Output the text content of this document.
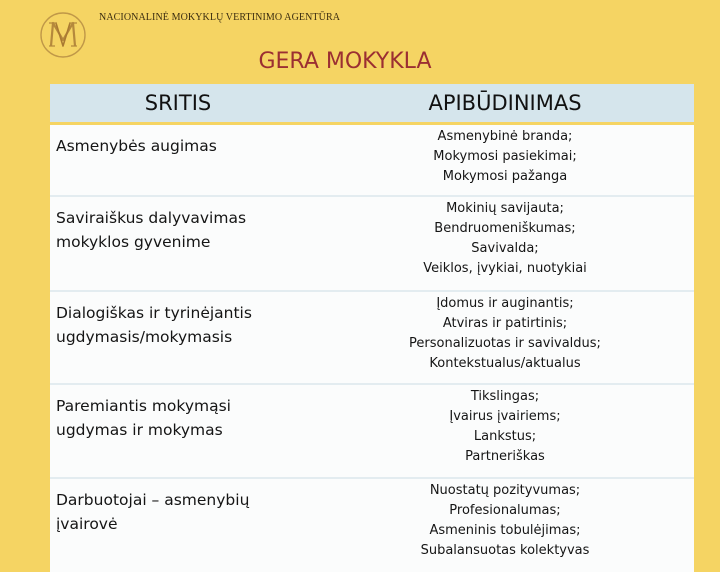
NACIONALINĖ MOKYKLŲ VERTINIMO AGENTŪRA
GERA MOKYKLA
SRITIS	APIBŪDINIMAS

Asmenybės augimas	Asmenybinė branda;
Mokymosi pasiekimai;
Mokymosi pažanga

Saviraiškus dalyvavimas
mokyklos gyvenime	Mokinių savijauta;
Bendruomeniškumas;
Savivalda;
Veiklos, įvykiai, nuotykiai

Dialogiškas ir tyrinėjantis
ugdymasis/mokymasis	Įdomus ir auginantis;
Atviras ir patirtinis;
Personalizuotas ir savivaldus;
Kontekstualus/aktualus

Paremiantis mokymąsi
ugdymas ir mokymas	Tikslingas;
Įvairus įvairiems;
Lankstus;
Partneriškas

Darbuotojai – asmenybių
įvairovė	Nuostatų pozityvumas;
Profesionalumas;
Asmeninis tobulėjimas;
Subalansuotas kolektyvas
